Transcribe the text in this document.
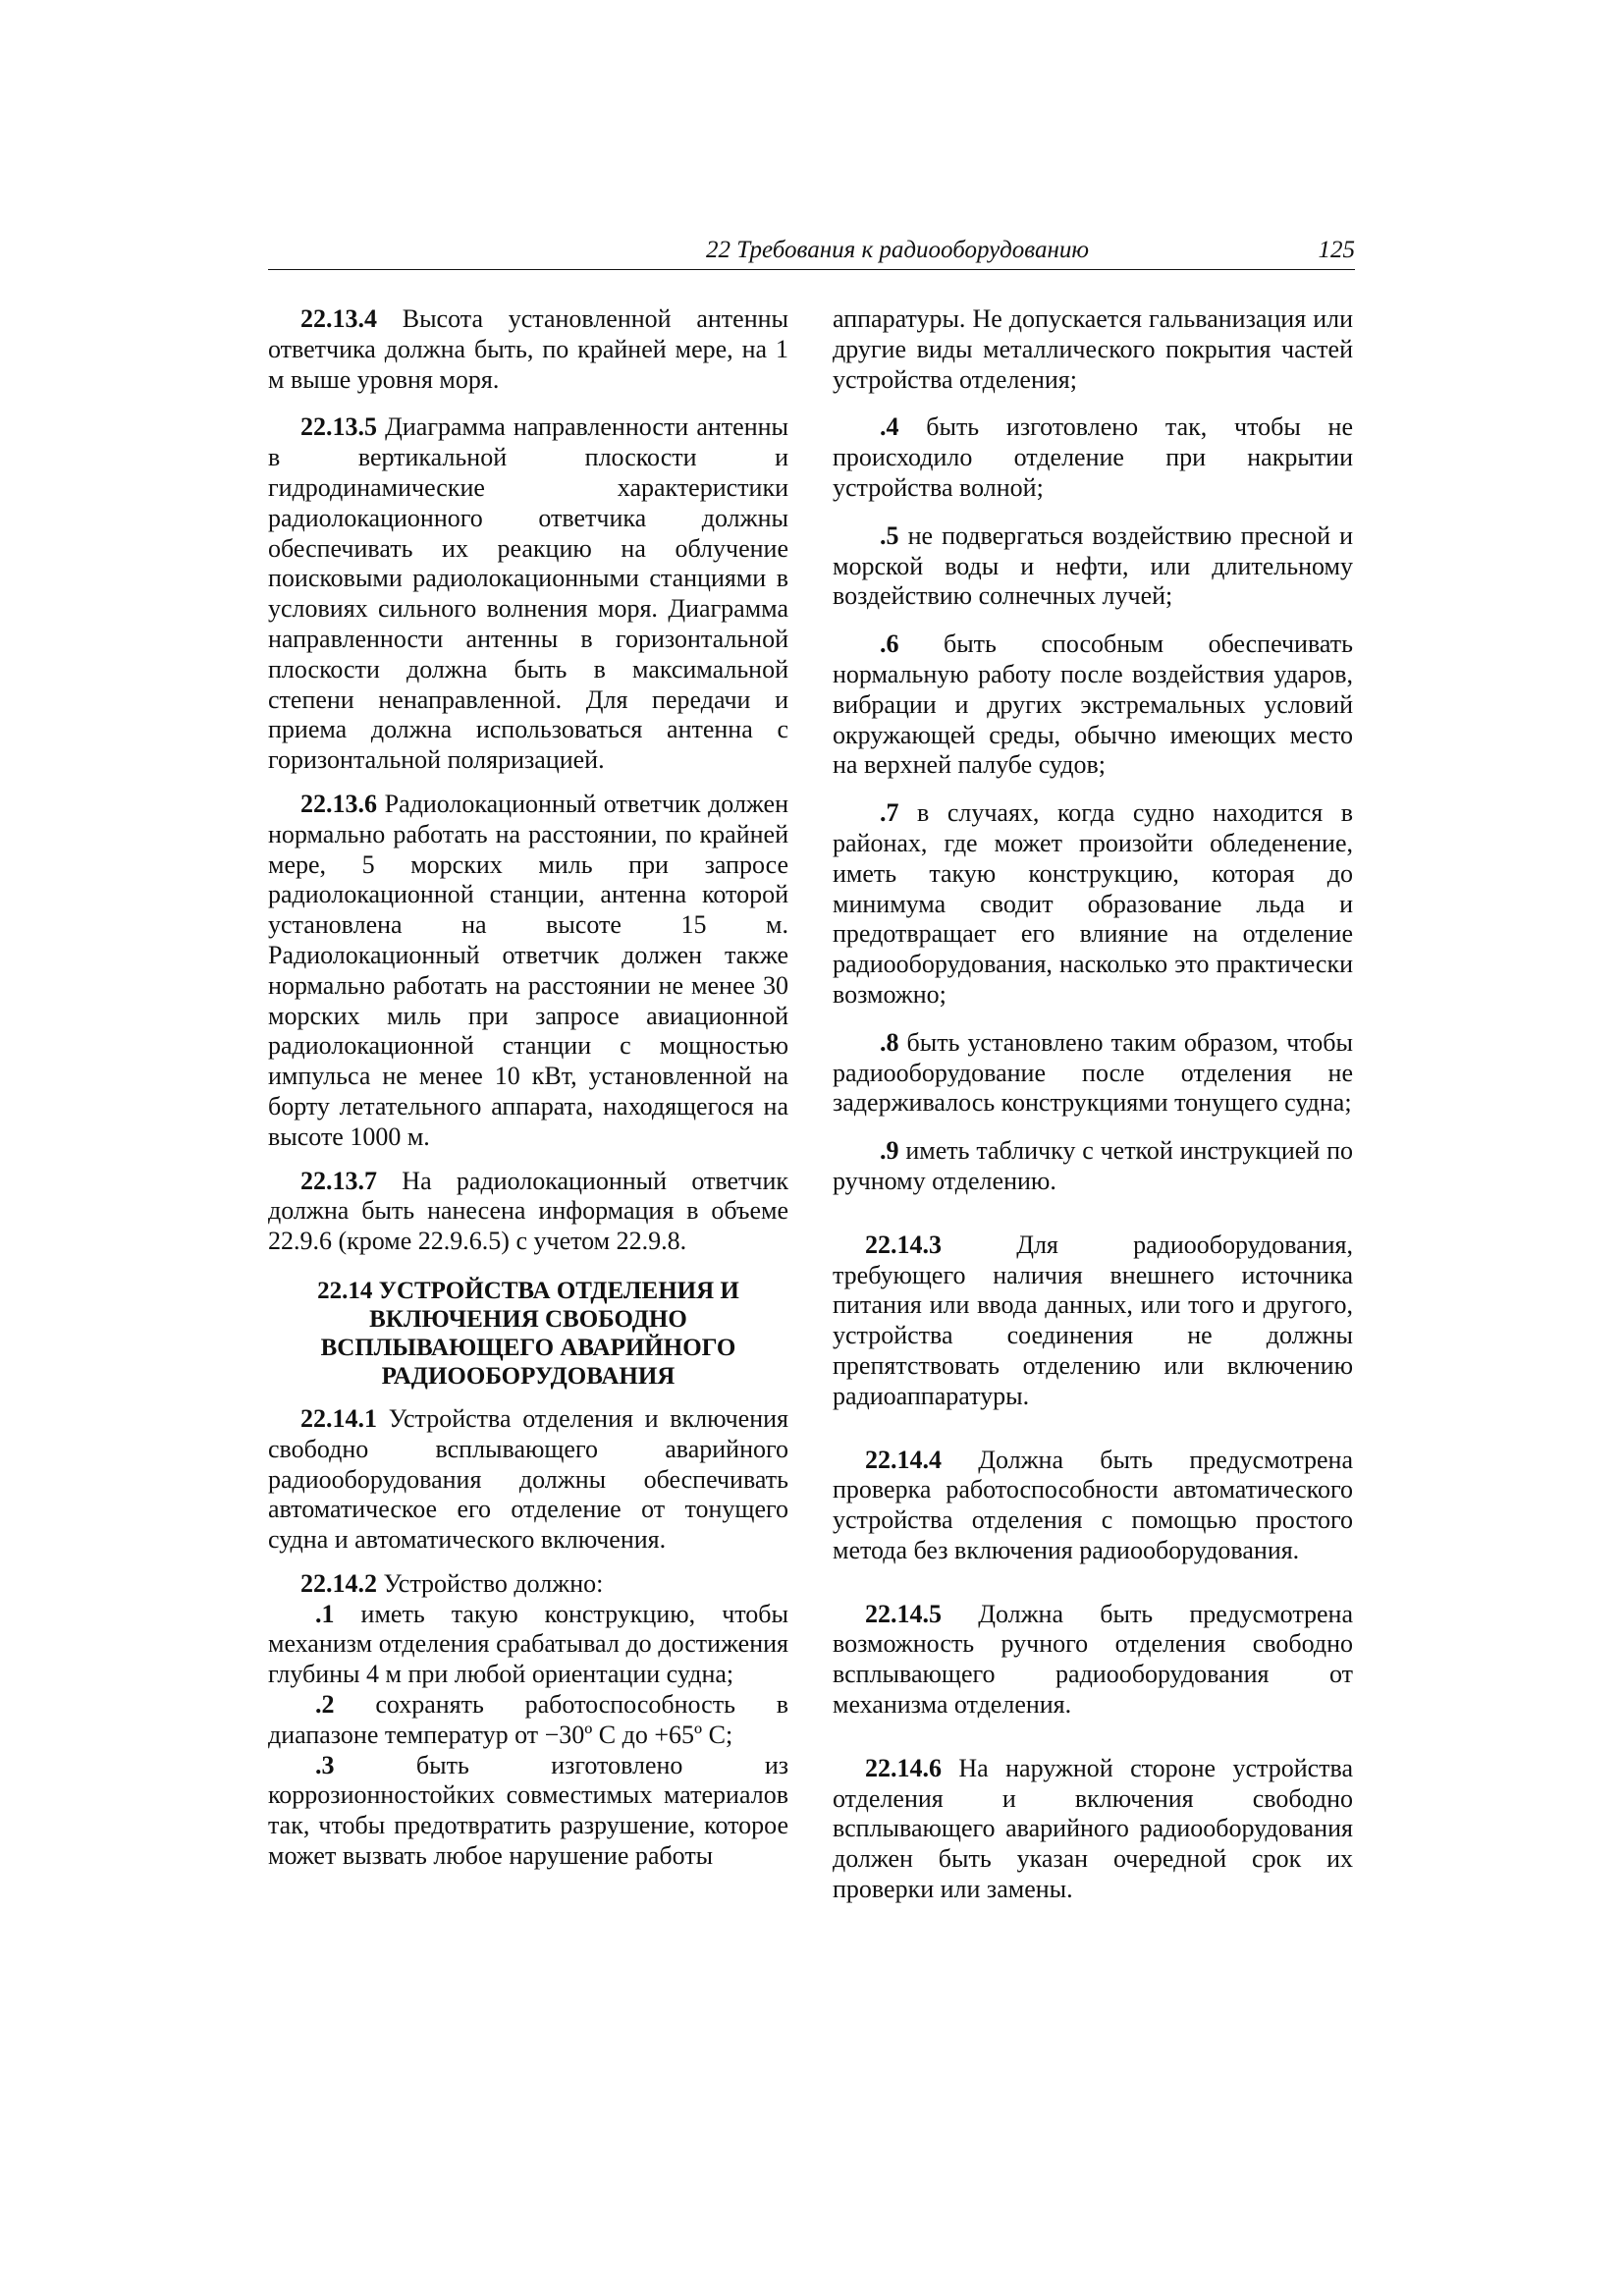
22 Требования к радиооборудованию	125

22.13.4 Высота установленной антенны ответчика должна быть, по крайней мере, на 1 м выше уровня моря.

22.13.5 Диаграмма направленности антенны в вертикальной плоскости и гидродинамические характеристики радиолокационного ответчика должны обеспечивать их реакцию на облучение поисковыми радиолокационными станциями в условиях сильного волнения моря. Диаграмма направленности антенны в горизонтальной плоскости должна быть в максимальной степени ненаправленной. Для передачи и приема должна использоваться антенна с горизонтальной поляризацией.

22.13.6 Радиолокационный ответчик должен нормально работать на расстоянии, по крайней мере, 5 морских миль при запросе радиолокационной станции, антенна которой установлена на высоте 15 м. Радиолокационный ответчик должен также нормально работать на расстоянии не менее 30 морских миль при запросе авиационной радиолокационной станции с мощностью импульса не менее 10 кВт, установленной на борту летательного аппарата, находящегося на высоте 1000 м.

22.13.7 На радиолокационный ответчик должна быть нанесена информация в объеме 22.9.6 (кроме 22.9.6.5) с учетом 22.9.8.

22.14 УСТРОЙСТВА ОТДЕЛЕНИЯ И ВКЛЮЧЕНИЯ СВОБОДНО ВСПЛЫВАЮЩЕГО АВАРИЙНОГО РАДИООБОРУДОВАНИЯ

22.14.1 Устройства отделения и включения свободно всплывающего аварийного радиооборудования должны обеспечивать автоматическое его отделение от тонущего судна и автоматического включения.

22.14.2 Устройство должно:

.1 иметь такую конструкцию, чтобы механизм отделения срабатывал до достижения глубины 4 м при любой ориентации судна;

.2 сохранять работоспособность в диапазоне температур от −30º С до +65º С;

.3	быть изготовлено из коррозионностойких совместимых материалов так, чтобы предотвратить разрушение, которое может вызвать любое нарушение работы

аппаратуры. Не допускается гальванизация или другие виды металлического покрытия частей устройства отделения;

.4 быть изготовлено так, чтобы не происходило отделение при накрытии устройства волной;

.5 не подвергаться воздействию пресной и морской воды и нефти, или длительному воздействию солнечных лучей;

.6 быть способным обеспечивать нормальную работу после воздействия ударов, вибрации и других экстремальных условий окружающей среды, обычно имеющих место на верхней палубе судов;

.7 в случаях, когда судно находится в районах, где может произойти обледенение, иметь такую конструкцию, которая до минимума сводит образование льда и предотвращает его влияние на отделение радиооборудования, насколько это практически возможно;

.8 быть установлено таким образом, чтобы радиооборудование после отделения не задерживалось конструкциями тонущего судна;

.9 иметь табличку с четкой инструкцией по ручному отделению.

22.14.3	Для радиооборудования, требующего наличия внешнего источника питания или ввода данных, или того и другого, устройства соединения не должны препятствовать отделению или включению радиоаппаратуры.

22.14.4 Должна быть предусмотрена проверка работоспособности автоматического устройства отделения с помощью простого метода без включения радиооборудования.

22.14.5 Должна быть предусмотрена возможность ручного отделения свободно всплывающего радиооборудования от механизма отделения.

22.14.6 На наружной стороне устройства отделения и включения свободно всплывающего аварийного радиооборудования должен быть указан очередной срок их проверки или замены.
